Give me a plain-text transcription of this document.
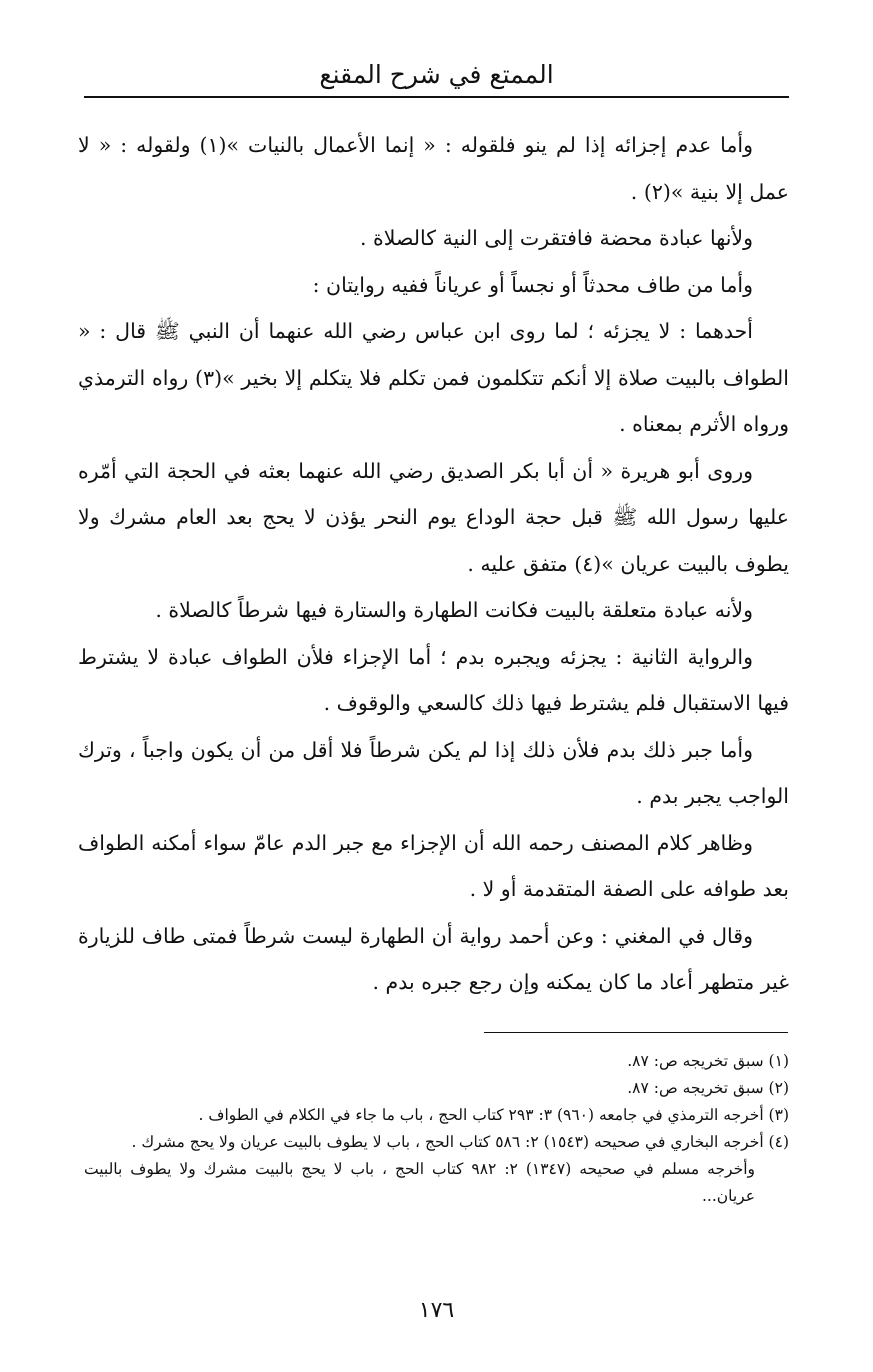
الممتع في شرح المقنع

وأما عدم إجزائه إذا لم ينو فلقوله : « إنما الأعمال بالنيات »(١) ولقوله : « لا عمل إلا بنية »(٢) .

ولأنها عبادة محضة فافتقرت إلى النية كالصلاة .

وأما من طاف محدثاً أو نجساً أو عرياناً ففيه روايتان :

أحدهما : لا يجزئه ؛ لما روى ابن عباس رضي الله عنهما أن النبي ﷺ قال : « الطواف بالبيت صلاة إلا أنكم تتكلمون فمن تكلم فلا يتكلم إلا بخير »(٣) رواه الترمذي ورواه الأثرم بمعناه .

وروى أبو هريرة « أن أبا بكر الصديق رضي الله عنهما بعثه في الحجة التي أمّره عليها رسول الله ﷺ قبل حجة الوداع يوم النحر يؤذن لا يحج بعد العام مشرك ولا يطوف بالبيت عريان »(٤) متفق عليه .

ولأنه عبادة متعلقة بالبيت فكانت الطهارة والستارة فيها شرطاً كالصلاة .

والرواية الثانية : يجزئه ويجبره بدم ؛ أما الإجزاء فلأن الطواف عبادة لا يشترط فيها الاستقبال فلم يشترط فيها ذلك كالسعي والوقوف .

وأما جبر ذلك بدم فلأن ذلك إذا لم يكن شرطاً فلا أقل من أن يكون واجباً ، وترك الواجب يجبر بدم .

وظاهر كلام المصنف رحمه الله أن الإجزاء مع جبر الدم عامّ سواء أمكنه الطواف بعد طوافه على الصفة المتقدمة أو لا .

وقال في المغني : وعن أحمد رواية أن الطهارة ليست شرطاً فمتى طاف للزيارة غير متطهر أعاد ما كان يمكنه وإن رجع جبره بدم .

(١) سبق تخريجه ص: ٨٧.

(٢) سبق تخريجه ص: ٨٧.

(٣) أخرجه الترمذي في جامعه (٩٦٠) ٣: ٢٩٣ كتاب الحج ، باب ما جاء في الكلام في الطواف .

(٤) أخرجه البخاري في صحيحه (١٥٤٣) ٢: ٥٨٦ كتاب الحج ، باب لا يطوف بالبيت عريان ولا يحج مشرك .

وأخرجه مسلم في صحيحه (١٣٤٧) ٢: ٩٨٢ كتاب الحج ، باب لا يحج بالبيت مشرك ولا يطوف بالبيت عريان...

١٧٦
